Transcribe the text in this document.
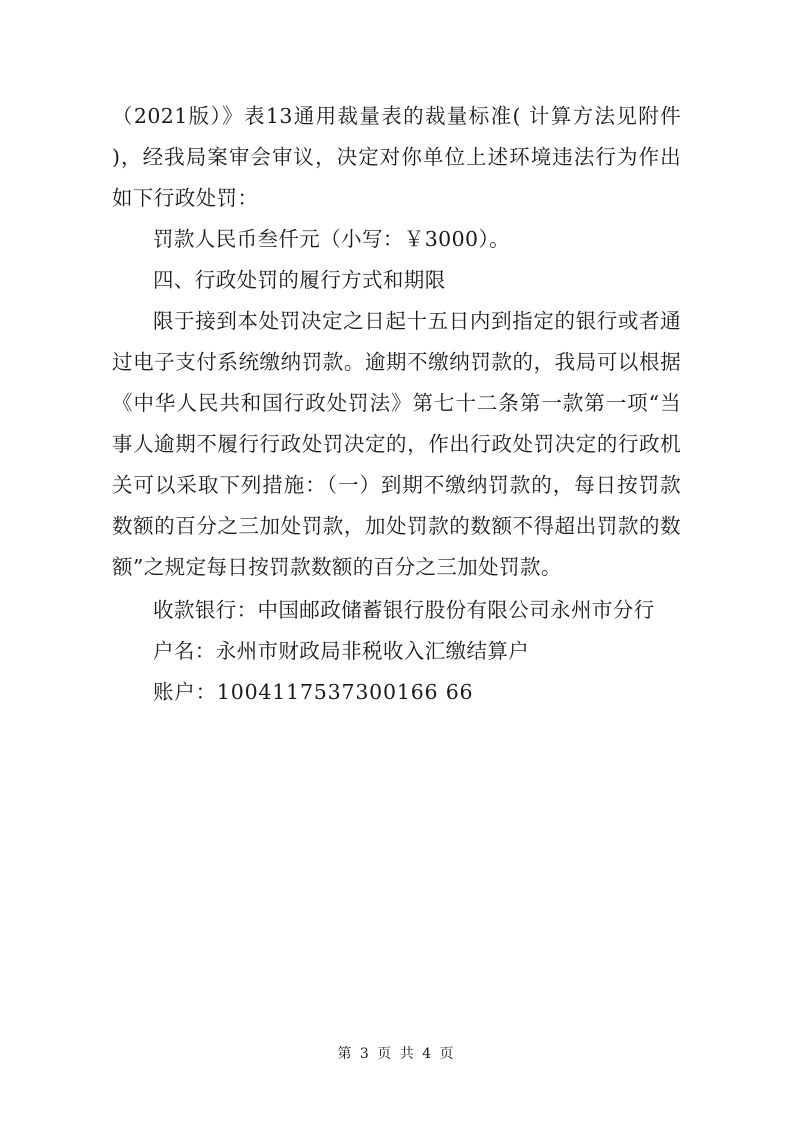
（2021版）》表13通用裁量表的裁量标准( 计算方法见附件 )，经我局案审会审议，决定对你单位上述环境违法行为作出如下行政处罚：

罚款人民币叁仟元（小写：￥3000）。

四、行政处罚的履行方式和期限

限于接到本处罚决定之日起十五日内到指定的银行或者通过电子支付系统缴纳罚款。逾期不缴纳罚款的，我局可以根据《中华人民共和国行政处罚法》第七十二条第一款第一项“当事人逾期不履行行政处罚决定的，作出行政处罚决定的行政机关可以采取下列措施：（一）到期不缴纳罚款的，每日按罚款数额的百分之三加处罚款，加处罚款的数额不得超出罚款的数额”之规定每日按罚款数额的百分之三加处罚款。

收款银行：中国邮政储蓄银行股份有限公司永州市分行

户名：永州市财政局非税收入汇缴结算户

账户：1004117537300166 66

第 3 页 共 4 页
